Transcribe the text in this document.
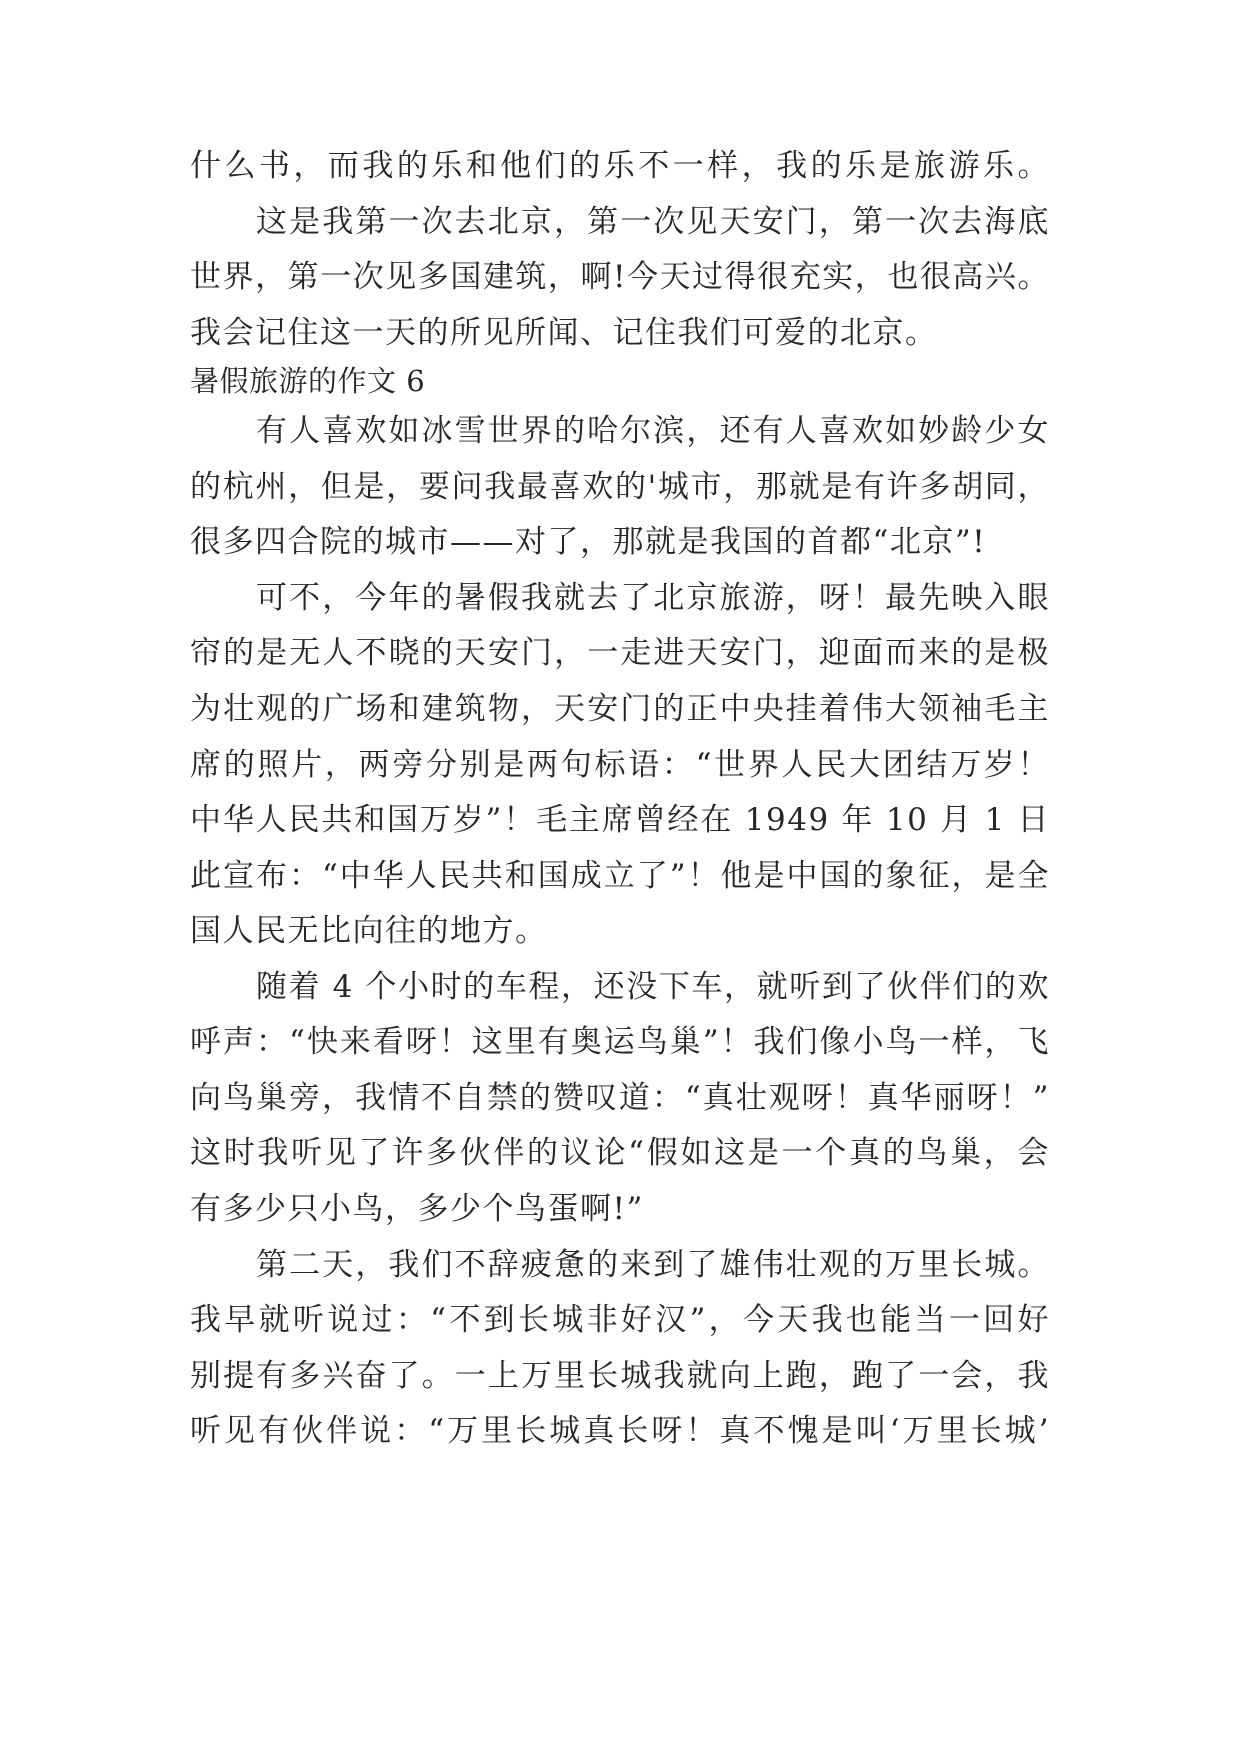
什么书，而我的乐和他们的乐不一样，我的乐是旅游乐。
这是我第一次去北京，第一次见天安门，第一次去海底
世界，第一次见多国建筑，啊!今天过得很充实，也很高兴。
我会记住这一天的所见所闻、记住我们可爱的北京。
暑假旅游的作文 6
有人喜欢如冰雪世界的哈尔滨，还有人喜欢如妙龄少女
的杭州，但是，要问我最喜欢的'城市，那就是有许多胡同，
很多四合院的城市——对了，那就是我国的首都“北京”!
可不，今年的暑假我就去了北京旅游，呀！最先映入眼
帘的是无人不晓的天安门，一走进天安门，迎面而来的是极
为壮观的广场和建筑物，天安门的正中央挂着伟大领袖毛主
席的照片，两旁分别是两句标语：“世界人民大团结万岁！
中华人民共和国万岁”！毛主席曾经在 1949 年 10 月 1 日
此宣布：“中华人民共和国成立了”！他是中国的象征，是全
国人民无比向往的地方。
随着 4 个小时的车程，还没下车，就听到了伙伴们的欢
呼声：“快来看呀！这里有奥运鸟巢”！我们像小鸟一样，飞
向鸟巢旁，我情不自禁的赞叹道：“真壮观呀！真华丽呀！”
这时我听见了许多伙伴的议论“假如这是一个真的鸟巢，会
有多少只小鸟，多少个鸟蛋啊!”
第二天，我们不辞疲惫的来到了雄伟壮观的万里长城。
我早就听说过：“不到长城非好汉”，今天我也能当一回好
别提有多兴奋了。一上万里长城我就向上跑，跑了一会，我
听见有伙伴说：“万里长城真长呀！真不愧是叫‘万里长城’
